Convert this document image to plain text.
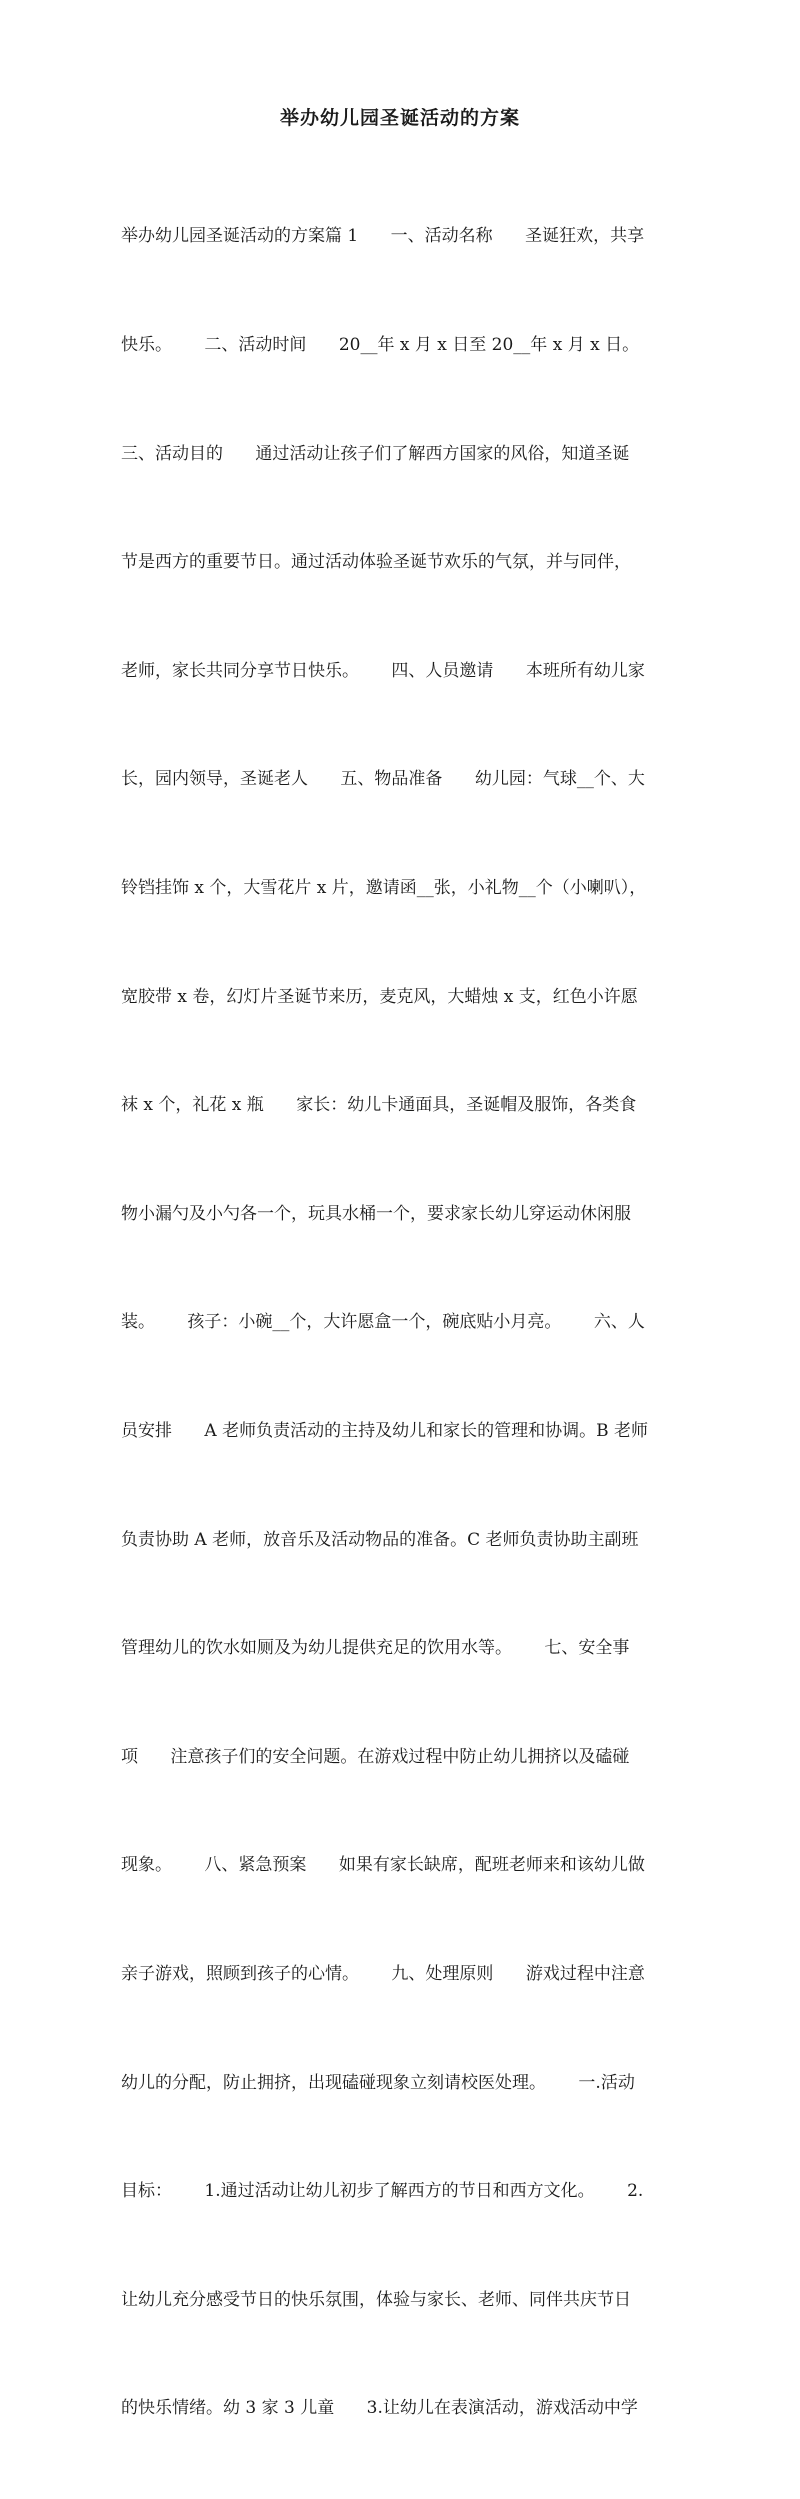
举办幼儿园圣诞活动的方案

举办幼儿园圣诞活动的方案篇 1      一、活动名称      圣诞狂欢，共享

快乐。      二、活动时间      20__年 x 月 x 日至 20__年 x 月 x 日。

三、活动目的      通过活动让孩子们了解西方国家的风俗，知道圣诞

节是西方的重要节日。通过活动体验圣诞节欢乐的气氛，并与同伴，

老师，家长共同分享节日快乐。      四、人员邀请      本班所有幼儿家

长，园内领导，圣诞老人      五、物品准备      幼儿园：气球__个、大

铃铛挂饰 x 个，大雪花片 x 片，邀请函__张，小礼物__个（小喇叭），

宽胶带 x 卷，幻灯片圣诞节来历，麦克风，大蜡烛 x 支，红色小许愿

袜 x 个，礼花 x 瓶      家长：幼儿卡通面具，圣诞帽及服饰，各类食

物小漏勺及小勺各一个，玩具水桶一个，要求家长幼儿穿运动休闲服

装。      孩子：小碗__个，大许愿盒一个，碗底贴小月亮。      六、人

员安排      A 老师负责活动的主持及幼儿和家长的管理和协调。B 老师

负责协助 A 老师，放音乐及活动物品的准备。C 老师负责协助主副班

管理幼儿的饮水如厕及为幼儿提供充足的饮用水等。      七、安全事

项      注意孩子们的安全问题。在游戏过程中防止幼儿拥挤以及磕碰

现象。      八、紧急预案      如果有家长缺席，配班老师来和该幼儿做

亲子游戏，照顾到孩子的心情。      九、处理原则      游戏过程中注意

幼儿的分配，防止拥挤，出现磕碰现象立刻请校医处理。      一.活动

目标：      1.通过活动让幼儿初步了解西方的节日和西方文化。      2.

让幼儿充分感受节日的快乐氛围，体验与家长、老师、同伴共庆节日

的快乐情绪。幼 3 家 3 儿童      3.让幼儿在表演活动，游戏活动中学
